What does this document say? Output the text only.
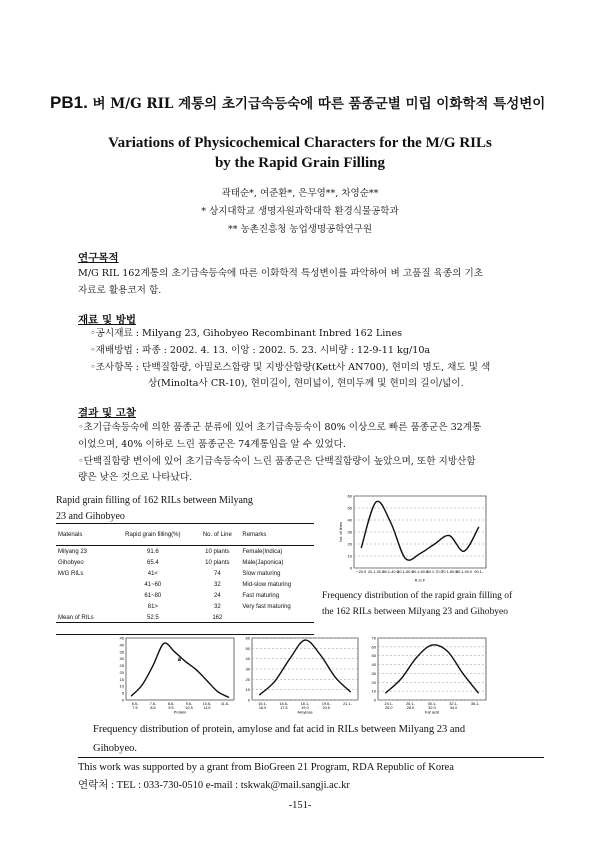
PB1. 벼 M/G RIL 계통의 초기급속등숙에 따른 품종군별 미립 이화학적 특성변이
Variations of Physicochemical Characters for the M/G RILs
by the Rapid Grain Filling
곽태순*, 여준환*, 은무영**, 차영순**
* 상지대학교 생명자원과학대학 환경식물공학과
** 농촌진흥청 농업생명공학연구원
연구목적
M/G RIL 162계통의 초기급속등숙에 따른 이화학적 특성변이를 파악하여 벼 고품질 육종의 기초
자료로 활용코저 함.
재료 및 방법
◦공시재료 : Milyang 23, Gihobyeo Recombinant Inbred 162 Lines
◦재배방법 : 파종 : 2002. 4. 13. 이앙 : 2002. 5. 23. 시비량 : 12-9-11 kg/10a
◦조사항목 : 단백질함량, 아밀로스함량 및 지방산함량(Kett사 AN700), 현미의 명도, 채도 및 색
상(Minolta사 CR-10), 현미길이, 현미넓이, 현미두께 및 현미의 길이/넓이.
결과 및 고찰
◦초기급속등숙에 의한 품종군 분류에 있어 초기급속등숙이 80% 이상으로 빠른 품종군은 32계통
이었으며, 40% 이하로 느린 품종군은 74계통임을 알 수 있었다.
◦단백질함량 변이에 있어 초기급속등숙이 느린 품종군은 단백질함량이 높았으며, 또한 지방산함
량은 낮은 것으로 나타났다.
Rapid grain filling of 162 RILs between Milyang
23 and Gihobyeo
Materials	Rapid grain filling(%)	No. of Line	Remarks
Milyang 23	91.6	10 plants	Female(Indica)
Gihobyeo	65.4	10 plants	Male(Japonica)
M/G RILs	41<	74	Slow maturing
	41~60	32	Mid-slow maturing
	61~80	24	Fast maturing
	81>	32	Very fast maturing
Mean of RILs	52.5	162	
0
10
20
30
40
50
60
~20.0 20.1-30.0
30.1-40.0
40.1-50.0
50.1-60.0
60.1-70.0
70.1-80.0
80.1-90.0 90.1-
R.G.F
No. of lines
Frequency distribution of the rapid grain filling of
the 162 RILs between Milyang 23 and Gihobyeo
0
5
10
15
20
25
30
35
40
45
6.5-7.5
7.6-8.5
8.6-9.5
9.6-10.5
10.6-11.5
11.6-
Protein
a
0
10
20
30
40
50
60
15.1-16.0
16.6-17.5
18.1-19.0
19.6-20.5
21.1-
Amylose
0
10
20
30
40
50
60
70
24.1-26.0
26.1-28.0
30.1-32.0
32.1-34.0
36.1-
Fat acid
Frequency distribution of protein, amylose and fat acid in RILs between Milyang 23 and
Gihobyeo.
This work was supported by a grant from BioGreen 21 Program, RDA Republic of Korea
연락처 : TEL : 033-730-0510 e-mail : tskwak@mail.sangji.ac.kr
-151-
